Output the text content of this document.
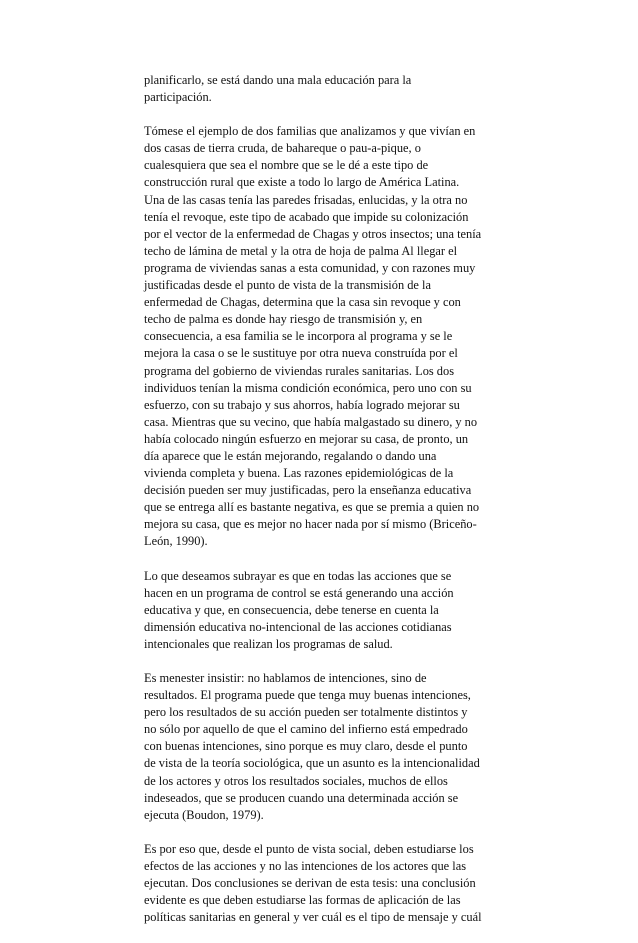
planificarlo, se está dando una mala educación para la
participación.

Tómese el ejemplo de dos familias que analizamos y que vivían en
dos casas de tierra cruda, de bahareque o pau-a-pique, o
cualesquiera que sea el nombre que se le dé a este tipo de
construcción rural que existe a todo lo largo de América Latina.
Una de las casas tenía las paredes frisadas, enlucidas, y la otra no
tenía el revoque, este tipo de acabado que impide su colonización
por el vector de la enfermedad de Chagas y otros insectos; una tenía
techo de lámina de metal y la otra de hoja de palma Al llegar el
programa de viviendas sanas a esta comunidad, y con razones muy
justificadas desde el punto de vista de la transmisión de la
enfermedad de Chagas, determina que la casa sin revoque y con
techo de palma es donde hay riesgo de transmisión y, en
consecuencia, a esa familia se le incorpora al programa y se le
mejora la casa o se le sustituye por otra nueva construída por el
programa del gobierno de viviendas rurales sanitarias. Los dos
individuos tenían la misma condición económica, pero uno con su
esfuerzo, con su trabajo y sus ahorros, había logrado mejorar su
casa. Mientras que su vecino, que había malgastado su dinero, y no
había colocado ningún esfuerzo en mejorar su casa, de pronto, un
día aparece que le están mejorando, regalando o dando una
vivienda completa y buena. Las razones epidemiológicas de la
decisión pueden ser muy justificadas, pero la enseñanza educativa
que se entrega allí es bastante negativa, es que se premia a quien no
mejora su casa, que es mejor no hacer nada por sí mismo (Briceño-
León, 1990).

Lo que deseamos subrayar es que en todas las acciones que se
hacen en un programa de control se está generando una acción
educativa y que, en consecuencia, debe tenerse en cuenta la
dimensión educativa no-intencional de las acciones cotidianas
intencionales que realizan los programas de salud.

Es menester insistir: no hablamos de intenciones, sino de
resultados. El programa puede que tenga muy buenas intenciones,
pero los resultados de su acción pueden ser totalmente distintos y
no sólo por aquello de que el camino del infierno está empedrado
con buenas intenciones, sino porque es muy claro, desde el punto
de vista de la teoría sociológica, que un asunto es la intencionalidad
de los actores y otros los resultados sociales, muchos de ellos
indeseados, que se producen cuando una determinada acción se
ejecuta (Boudon, 1979).

Es por eso que, desde el punto de vista social, deben estudiarse los
efectos de las acciones y no las intenciones de los actores que las
ejecutan. Dos conclusiones se derivan de esta tesis: una conclusión
evidente es que deben estudiarse las formas de aplicación de las
políticas sanitarias en general y ver cuál es el tipo de mensaje y cuál
